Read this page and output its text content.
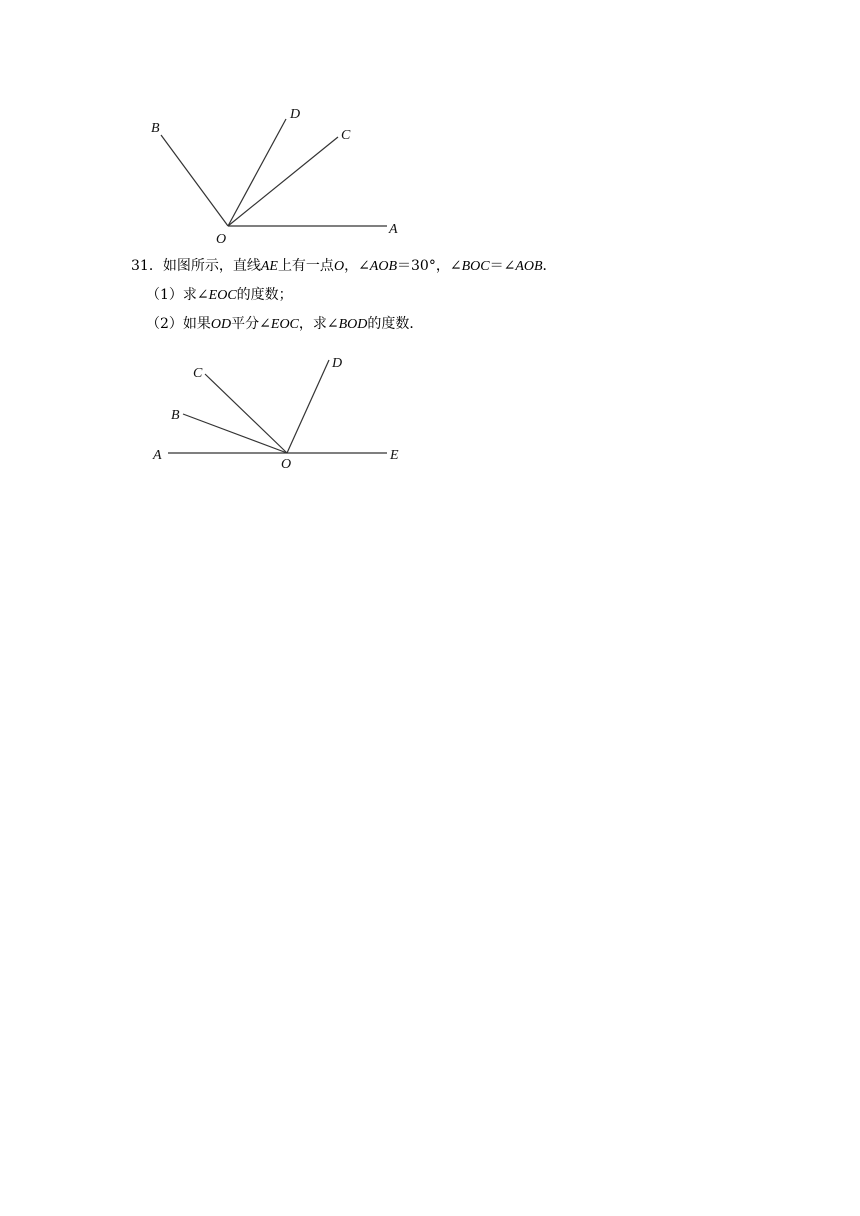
B
D
C
O
A
31．如图所示，直线AE上有一点O，∠AOB＝30°，∠BOC＝∠AOB．
（1）求∠EOC的度数；
（2）如果OD平分∠EOC，求∠BOD的度数．
C
D
B
A
O
E
